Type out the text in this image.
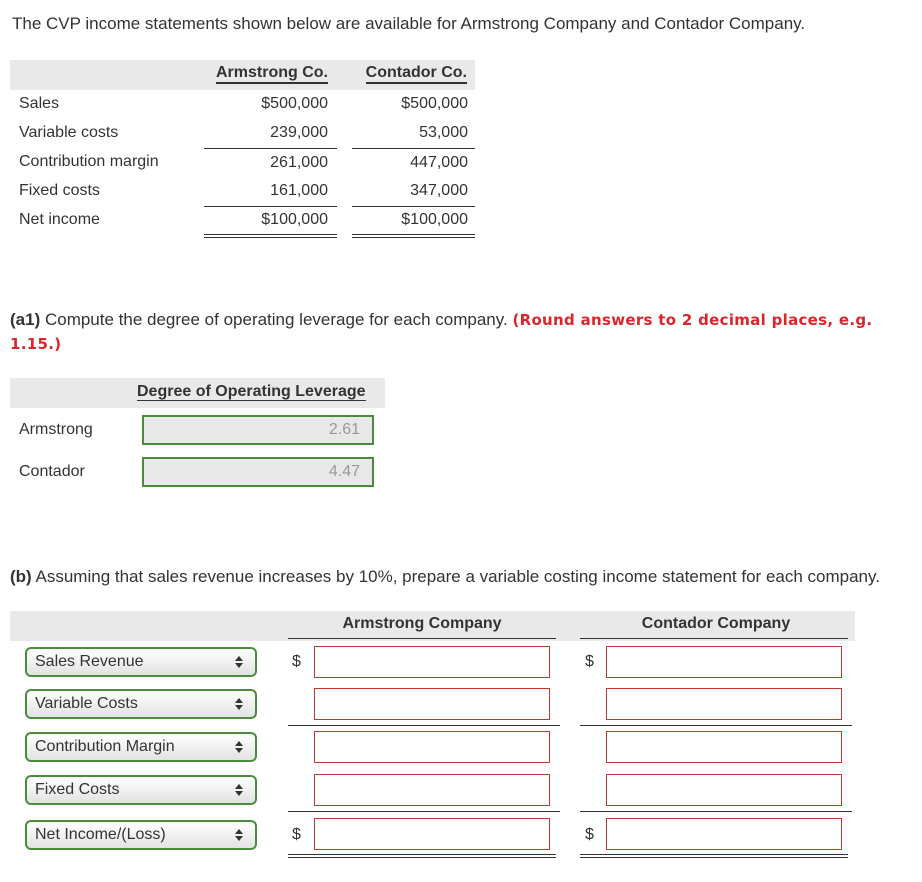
The CVP income statements shown below are available for Armstrong Company and Contador Company.
Armstrong Co.	Contador Co.
Sales	$500,000	$500,000
Variable costs	239,000	53,000
Contribution margin	261,000	447,000
Fixed costs	161,000	347,000
Net income	$100,000	$100,000
(a1) Compute the degree of operating leverage for each company. (Round answers to 2 decimal places, e.g. 1.15.)
Degree of Operating Leverage
Armstrong	2.61
Contador	4.47
(b) Assuming that sales revenue increases by 10%, prepare a variable costing income statement for each company.
Armstrong Company	Contador Company
Sales Revenue	$	$
Variable Costs
Contribution Margin
Fixed Costs
Net Income/(Loss)	$	$
